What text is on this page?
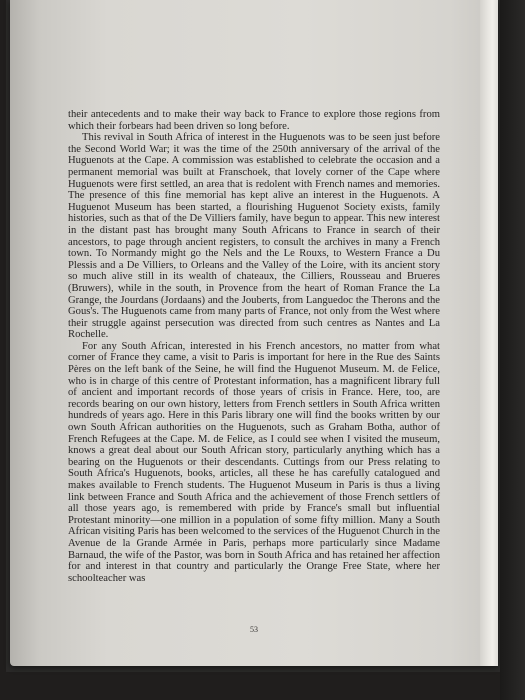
their antecedents and to make their way back to France to explore those regions from which their forbears had been driven so long before.

This revival in South Africa of interest in the Huguenots was to be seen just before the Second World War; it was the time of the 250th anniversary of the arrival of the Huguenots at the Cape. A commission was established to celebrate the occasion and a permanent memorial was built at Franschoek, that lovely corner of the Cape where Huguenots were first settled, an area that is redolent with French names and memories. The presence of this fine memorial has kept alive an interest in the Huguenots. A Huguenot Museum has been started, a flourishing Huguenot Society exists, family histories, such as that of the De Villiers family, have begun to appear. This new interest in the distant past has brought many South Africans to France in search of their ancestors, to page through ancient registers, to consult the archives in many a French town. To Normandy might go the Nels and the Le Rouxs, to Western France a Du Plessis and a De Villiers, to Orleans and the Valley of the Loire, with its ancient story so much alive still in its wealth of chateaux, the Cilliers, Rousseau and Brueres (Bruwers), while in the south, in Provence from the heart of Roman France the La Grange, the Jourdans (Jordaans) and the Jouberts, from Languedoc the Therons and the Gous's. The Huguenots came from many parts of France, not only from the West where their struggle against persecution was directed from such centres as Nantes and La Rochelle.

For any South African, interested in his French ancestors, no matter from what corner of France they came, a visit to Paris is important for here in the Rue des Saints Pères on the left bank of the Seine, he will find the Huguenot Museum. M. de Felice, who is in charge of this centre of Protestant information, has a magnificent library full of ancient and important records of those years of crisis in France. Here, too, are records bearing on our own history, letters from French settlers in South Africa written hundreds of years ago. Here in this Paris library one will find the books written by our own South African authorities on the Huguenots, such as Graham Botha, author of French Refugees at the Cape. M. de Felice, as I could see when I visited the museum, knows a great deal about our South African story, particularly anything which has a bearing on the Huguenots or their descendants. Cuttings from our Press relating to South Africa's Huguenots, books, articles, all these he has carefully catalogued and makes available to French students. The Huguenot Museum in Paris is thus a living link between France and South Africa and the achievement of those French settlers of all those years ago, is remembered with pride by France's small but influential Protestant minority—one million in a population of some fifty million. Many a South African visiting Paris has been welcomed to the services of the Huguenot Church in the Avenue de la Grande Armée in Paris, perhaps more particularly since Madame Barnaud, the wife of the Pastor, was born in South Africa and has retained her affection for and interest in that country and particularly the Orange Free State, where her schoolteacher was

53
